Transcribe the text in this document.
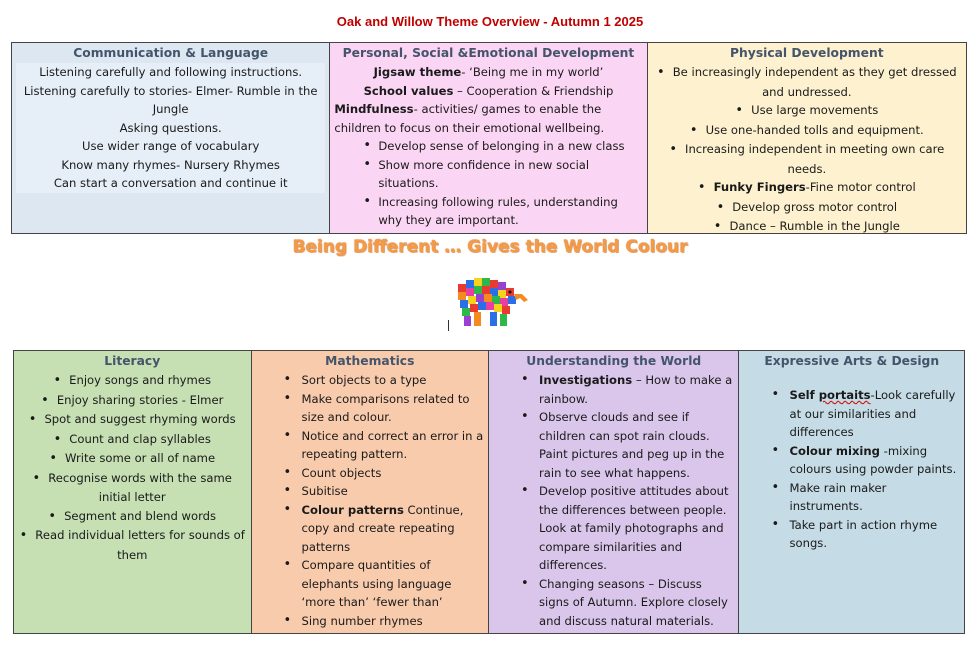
Oak and Willow Theme Overview - Autumn 1 2025
Communication & Language
Listening carefully and following instructions.
Listening carefully to stories- Elmer- Rumble in the Jungle
Asking questions.
Use wider range of vocabulary
Know many rhymes- Nursery Rhymes
Can start a conversation and continue it
Personal, Social &Emotional Development
Jigsaw theme- ‘Being me in my world’
School values – Cooperation & Friendship
Mindfulness- activities/ games to enable the children to focus on their emotional wellbeing.
• Develop sense of belonging in a new class
• Show more confidence in new social situations.
• Increasing following rules, understanding why they are important.
Physical Development
• Be increasingly independent as they get dressed and undressed.
• Use large movements
• Use one-handed tolls and equipment.
• Increasing independent in meeting own care needs.
• Funky Fingers-Fine motor control
• Develop gross motor control
• Dance – Rumble in the Jungle
Being Different … Gives the World Colour
Literacy
• Enjoy songs and rhymes
• Enjoy sharing stories - Elmer
• Spot and suggest rhyming words
• Count and clap syllables
• Write some or all of name
• Recognise words with the same initial letter
• Segment and blend words
• Read individual letters for sounds of them
Mathematics
• Sort objects to a type
• Make comparisons related to size and colour.
• Notice and correct an error in a repeating pattern.
• Count objects
• Subitise
• Colour patterns Continue, copy and create repeating patterns
• Compare quantities of elephants using language ‘more than’ ‘fewer than’
• Sing number rhymes
Understanding the World
• Investigations – How to make a rainbow.
• Observe clouds and see if children can spot rain clouds. Paint pictures and peg up in the rain to see what happens.
• Develop positive attitudes about the differences between people. Look at family photographs and compare similarities and differences.
• Changing seasons – Discuss signs of Autumn. Explore closely and discuss natural materials.
Expressive Arts & Design
• Self portaits-Look carefully at our similarities and differences
• Colour mixing -mixing colours using powder paints.
• Make rain maker instruments.
• Take part in action rhyme songs.
